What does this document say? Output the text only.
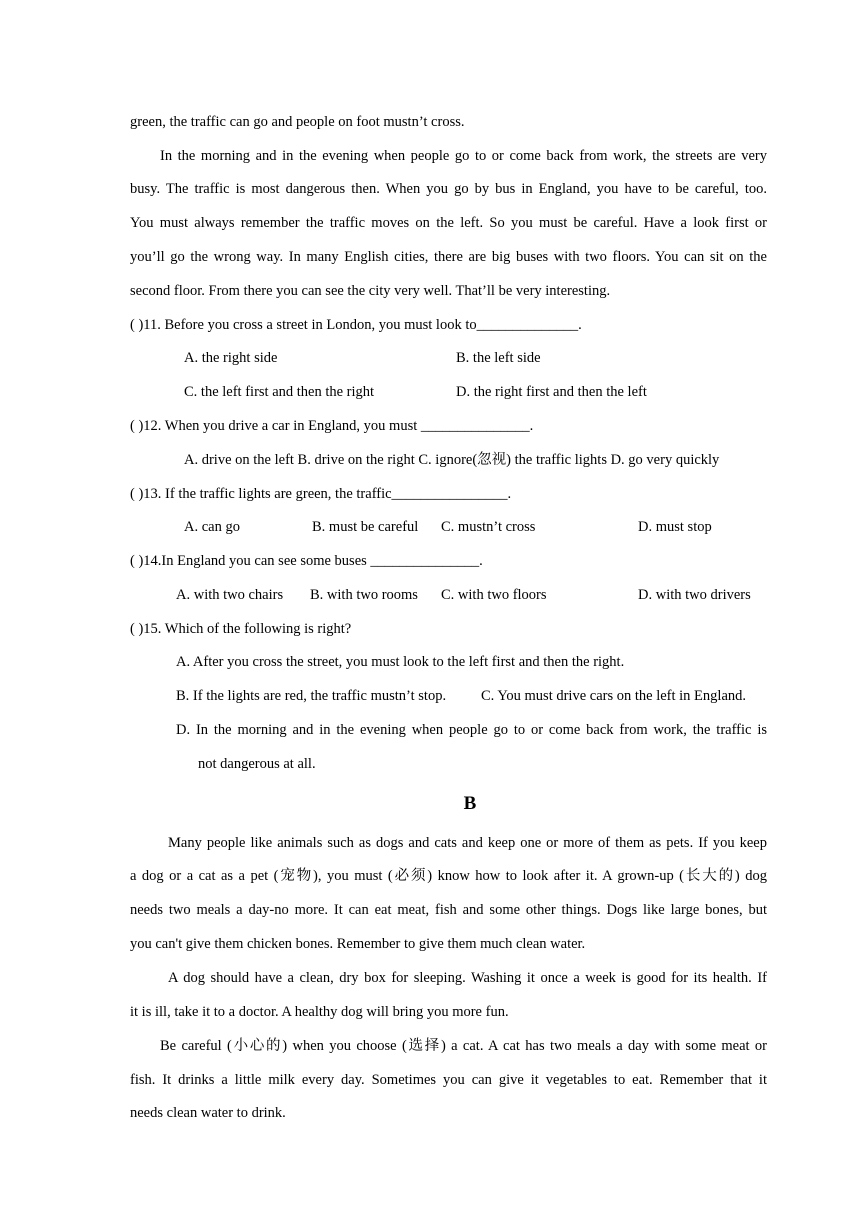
green, the traffic can go and people on foot mustn’t cross.
In the morning and in the evening when people go to or come back from work, the streets are very
busy. The traffic is most dangerous then. When you go by bus in England, you have to be careful, too.
You must always remember the traffic moves on the left. So you must be careful. Have a look first or
you’ll go the wrong way. In many English cities, there are big buses with two floors. You can sit on the
second floor. From there you can see the city very well. That’ll be very interesting.
( )11. Before you cross a street in London, you must look to______________.
A. the right side	B. the left side
C. the left first and then the right	D. the right first and then the left
( )12. When you drive a car in England, you must _______________.
A. drive on the left B. drive on the right C. ignore(忽视) the traffic lights D. go very quickly
( )13. If the traffic lights are green, the traffic________________.
A. can go	B. must be careful C. mustn’t cross	D. must stop
( )14.In England you can see some buses _______________.
A. with two chairs B. with two rooms C. with two floors	D. with two drivers
( )15. Which of the following is right?
A. After you cross the street, you must look to the left first and then the right.
B. If the lights are red, the traffic mustn’t stop. C. You must drive cars on the left in England.
D. In the morning and in the evening when people go to or come back from work, the traffic is
not dangerous at all.
B
Many people like animals such as dogs and cats and keep one or more of them as pets. If you keep
a dog or a cat as a pet (宠物), you must (必须) know how to look after it. A grown-up (长大的) dog
needs two meals a day-no more. It can eat meat, fish and some other things. Dogs like large bones, but
you can't give them chicken bones. Remember to give them much clean water.
A dog should have a clean, dry box for sleeping. Washing it once a week is good for its health. If
it is ill, take it to a doctor. A healthy dog will bring you more fun.
Be careful (小心的) when you choose (选择) a cat. A cat has two meals a day with some meat or
fish. It drinks a little milk every day. Sometimes you can give it vegetables to eat. Remember that it
needs clean water to drink.
